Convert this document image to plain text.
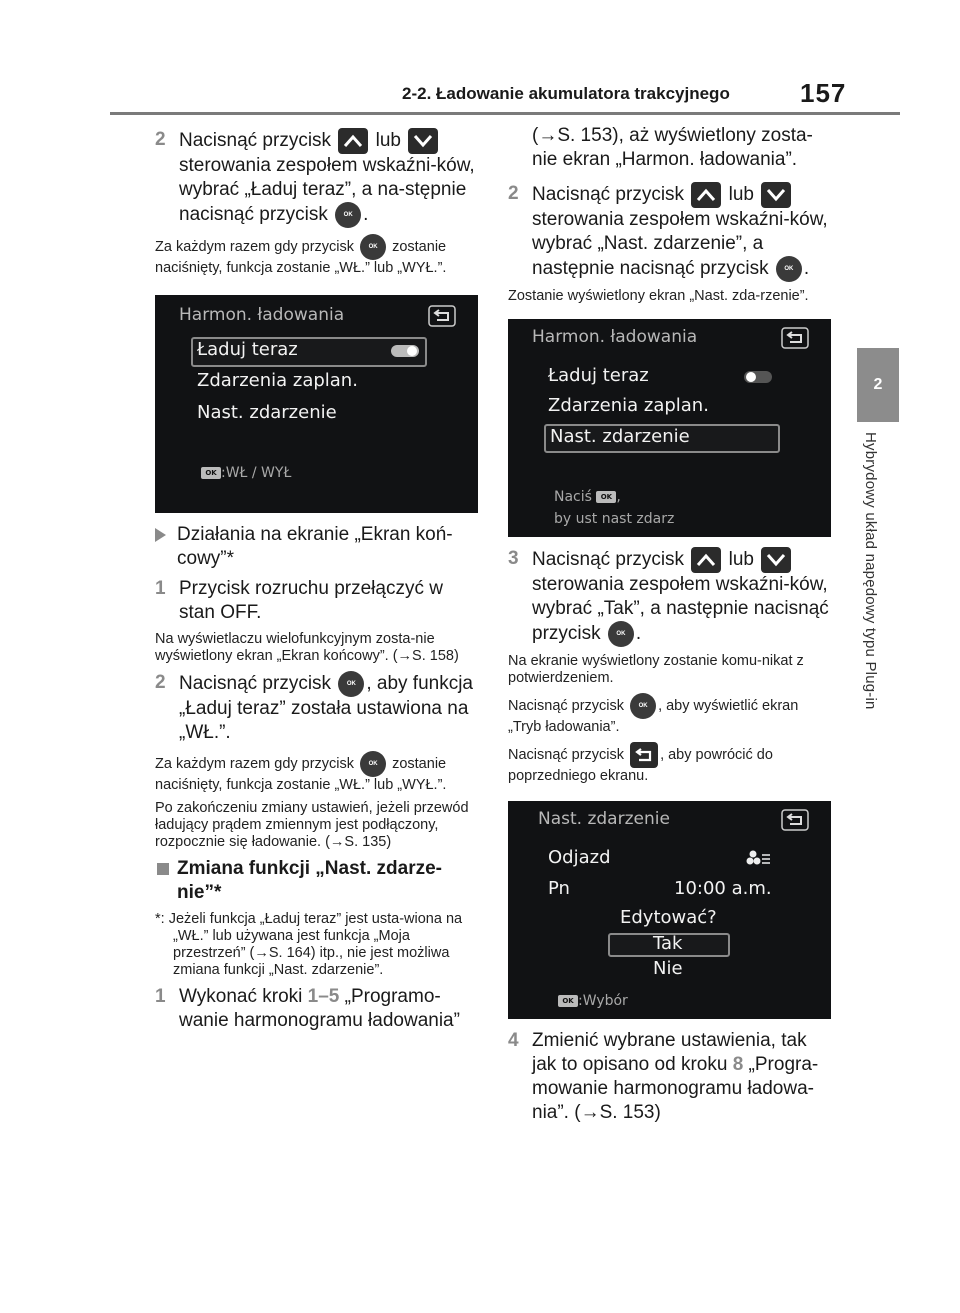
2-2. Ładowanie akumulatora trakcyjnego	157
2
Hybrydowy układ napędowy typu Plug-in
2 Nacisnąć przycisk lub
sterowania zespołem wskaźni-ków, wybrać „Ładuj teraz”, a na-stępnie nacisnąć przycisk	OK .

Za każdym razem gdy przycisk OK zostanie naciśnięty, funkcja zostanie „WŁ.” lub „WYŁ.”.

Harmon. ładowania
Ładuj teraz
Zdarzenia zaplan.
Nast. zdarzenie
OK :WŁ / WYŁ
Działania na ekranie „Ekran koń-cowy”*
1 Przycisk rozruchu przełączyć w stan OFF.

Na wyświetlaczu wielofunkcyjnym zosta-nie wyświetlony ekran „Ekran końcowy”. (→S. 158)

2 Nacisnąć przycisk	OK , aby funkcja „Ładuj teraz” została ustawiona na „WŁ.”.

Za każdym razem gdy przycisk OK zostanie naciśnięty, funkcja zostanie „WŁ.” lub „WYŁ.”.

Po zakończeniu zmiany ustawień, jeżeli przewód ładujący prądem zmiennym jest podłączony, rozpocznie się ładowanie. (→S. 135)

Zmiana funkcji „Nast. zdarze-nie”*

*: Jeżeli funkcja „Ładuj teraz” jest usta-wiona na „WŁ.” lub używana jest funkcja „Moja przestrzeń” (→S. 164) itp., nie jest możliwa zmiana funkcji „Nast. zdarzenie”.

1 Wykonać kroki 1–5 „Programo-wanie harmonogramu ładowania”
(→S. 153), aż wyświetlony zosta-nie ekran „Harmon. ładowania”.
2 Nacisnąć przycisk lub
sterowania zespołem wskaźni-ków, wybrać „Nast. zdarzenie”, a następnie nacisnąć przycisk	OK .

Zostanie wyświetlony ekran „Nast. zda-rzenie”.

Harmon. ładowania
Ładuj teraz
Zdarzenia zaplan.
Nast. zdarzenie
Naciś OK ,
by ust nast zdarz
3 Nacisnąć przycisk lub
sterowania zespołem wskaźni-ków, wybrać „Tak”, a następnie nacisnąć przycisk	OK .

Na ekranie wyświetlony zostanie komu-nikat z potwierdzeniem.

Nacisnąć przycisk OK , aby wyświetlić ekran „Tryb ładowania”.

Nacisnąć przycisk , aby powrócić do poprzedniego ekranu.

Nast. zdarzenie
Odjazd
Pn	10:00 a.m.
Edytować?
Tak
Nie
OK :Wybór
4 Zmienić wybrane ustawienia, tak jak to opisano od kroku 8 „Progra-mowanie harmonogramu ładowa-nia”. (→S. 153)
